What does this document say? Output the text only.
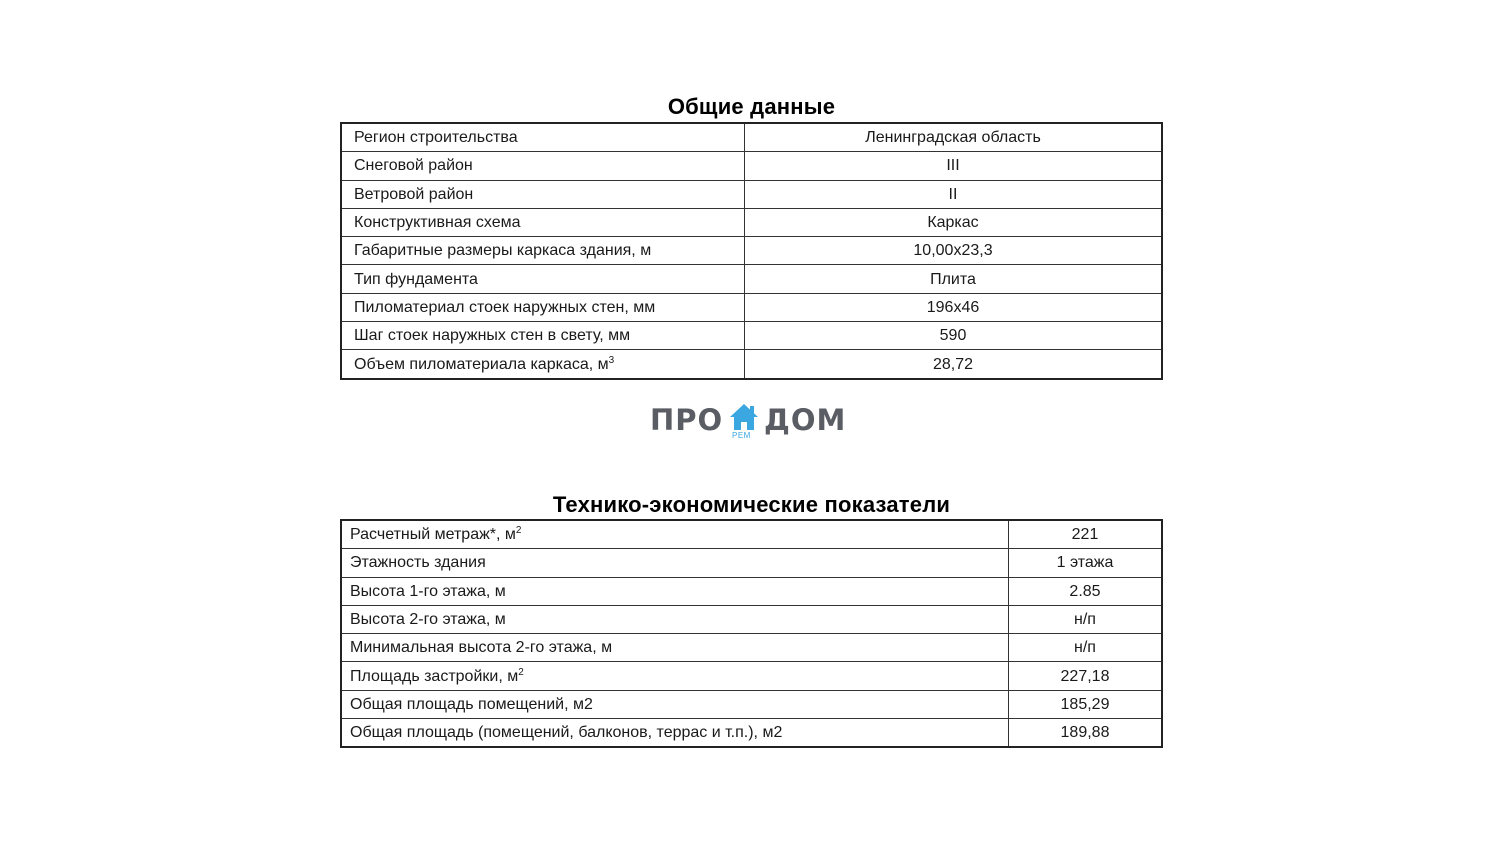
Общие данные
Регион строительства	Ленинградская область
Снеговой район	III
Ветровой район	II
Конструктивная схема	Каркас
Габаритные размеры каркаса здания, м	10,00х23,3
Тип фундамента	Плита
Пиломатериал стоек наружных стен, мм	196х46
Шаг стоек наружных стен в свету, мм	590
Объем пиломатериала каркаса, $м^3$	28,72
ПРО РЕМ ДОМ
Технико-экономические показатели
Расчетный метраж*, $м^2$	221
Этажность здания	1 этажа
Высота 1-го этажа, м	2.85
Высота 2-го этажа, м	н/п
Минимальная высота 2-го этажа, м	н/п
Площадь застройки, $м^2$	227,18
Общая площадь помещений, м2	185,29
Общая площадь (помещений, балконов, террас и т.п.), м2	189,88
